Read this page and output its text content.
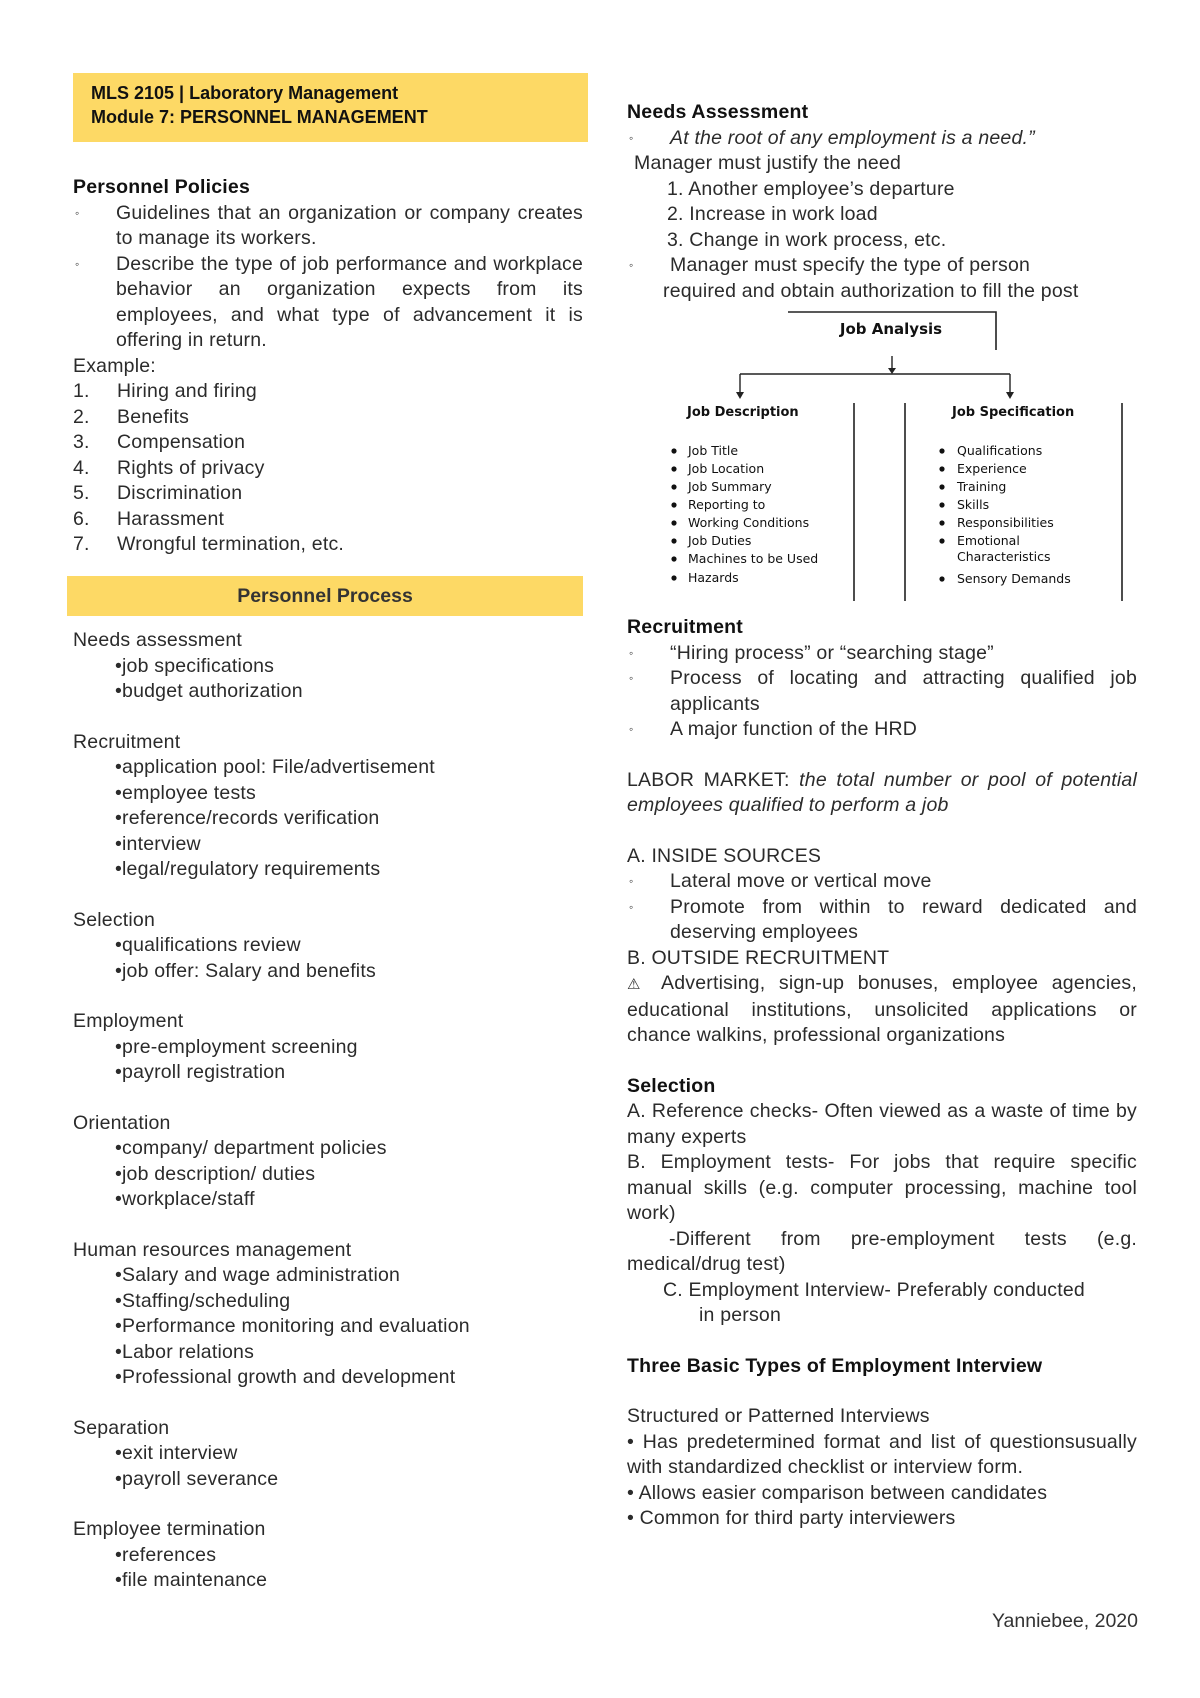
MLS 2105 | Laboratory Management
Module 7: PERSONNEL MANAGEMENT
Personnel Policies
◦ Guidelines that an organization or company creates to manage its workers.
◦ Describe the type of job performance and workplace behavior an organization expects from its employees, and what type of advancement it is offering in return.
Example:
1. Hiring and firing
2. Benefits
3. Compensation
4. Rights of privacy
5. Discrimination
6. Harassment
7. Wrongful termination, etc.
Personnel Process
Needs assessment
•job specifications
•budget authorization
Recruitment
•application pool: File/advertisement
•employee tests
•reference/records verification
•interview
•legal/regulatory requirements
Selection
•qualifications review
•job offer: Salary and benefits
Employment
•pre-employment screening
•payroll registration
Orientation
•company/ department policies
•job description/ duties
•workplace/staff
Human resources management
•Salary and wage administration
•Staffing/scheduling
•Performance monitoring and evaluation
•Labor relations
•Professional growth and development
Separation
•exit interview
•payroll severance
Employee termination
•references
•file maintenance
Needs Assessment
◦ At the root of any employment is a need.”
Manager must justify the need
1. Another employee’s departure
2. Increase in work load
3. Change in work process, etc.
◦ Manager must specify the type of person
required and obtain authorization to fill the post
Job Analysis
Job Description
Job Title
Job Location
Job Summary
Reporting to
Working Conditions
Job Duties
Machines to be Used
Hazards
Job Specification
Qualifications
Experience
Training
Skills
Responsibilities
Emotional
Characteristics
Sensory Demands
Recruitment
◦ “Hiring process” or “searching stage”
◦ Process of locating and attracting qualified job applicants
◦ A major function of the HRD
LABOR MARKET: the total number or pool of potential employees qualified to perform a job
A. INSIDE SOURCES
◦ Lateral move or vertical move
◦ Promote from within to reward dedicated and deserving employees
B. OUTSIDE RECRUITMENT
⚠ Advertising, sign-up bonuses, employee agencies, educational institutions, unsolicited applications or chance walkins, professional organizations
Selection
A. Reference checks- Often viewed as a waste of time by many experts
B. Employment tests- For jobs that require specific manual skills (e.g. computer processing, machine tool work)
-Different from pre-employment tests (e.g. medical/drug test)
C. Employment Interview- Preferably conducted
in person
Three Basic Types of Employment Interview
Structured or Patterned Interviews
• Has predetermined format and list of questionsusually with standardized checklist or interview form.
• Allows easier comparison between candidates
• Common for third party interviewers
Yanniebee, 2020
